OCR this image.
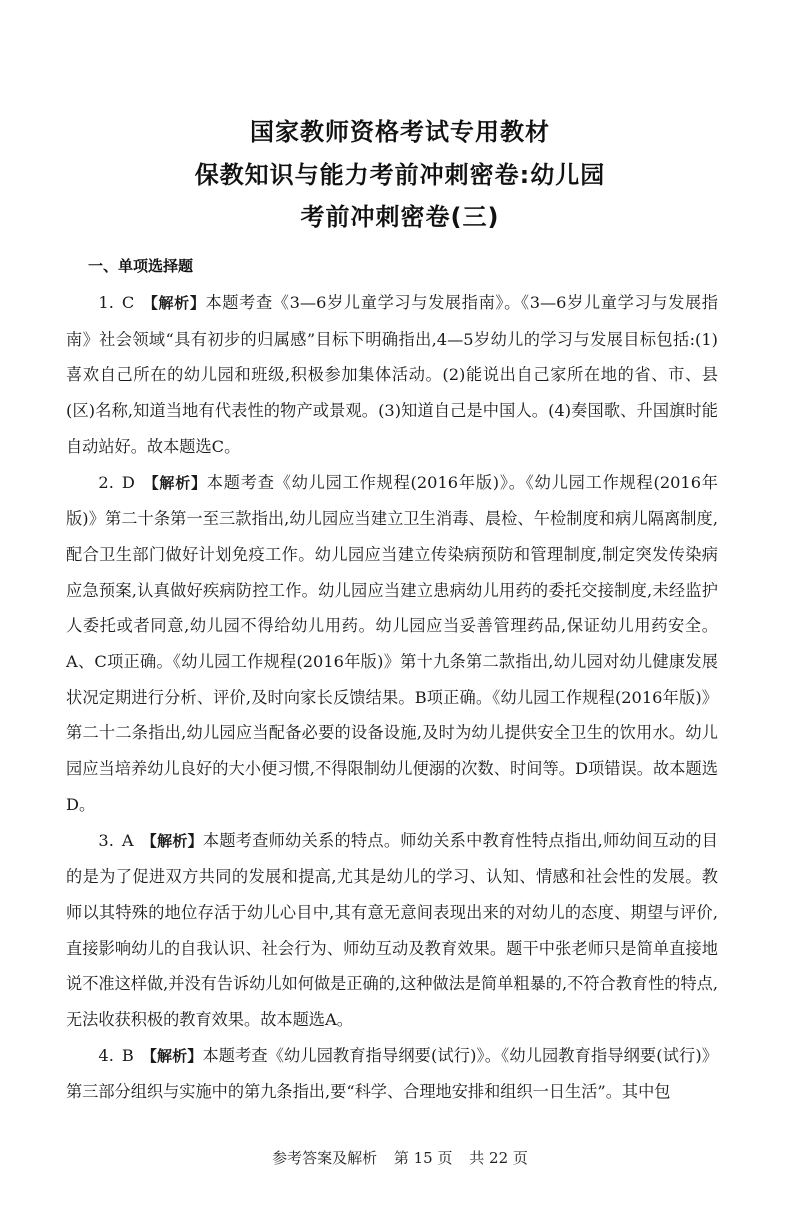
国家教师资格考试专用教材
保教知识与能力考前冲刺密卷:幼儿园
考前冲刺密卷(三)
一、单项选择题

1. C 【解析】本题考查《3—6岁儿童学习与发展指南》。《3—6岁儿童学习与发展指南》社会领域“具有初步的归属感”目标下明确指出,4—5岁幼儿的学习与发展目标包括:(1)喜欢自己所在的幼儿园和班级,积极参加集体活动。(2)能说出自己家所在地的省、市、县(区)名称,知道当地有代表性的物产或景观。(3)知道自己是中国人。(4)奏国歌、升国旗时能自动站好。故本题选C。

2. D 【解析】本题考查《幼儿园工作规程(2016年版)》。《幼儿园工作规程(2016年版)》第二十条第一至三款指出,幼儿园应当建立卫生消毒、晨检、午检制度和病儿隔离制度,配合卫生部门做好计划免疫工作。幼儿园应当建立传染病预防和管理制度,制定突发传染病应急预案,认真做好疾病防控工作。幼儿园应当建立患病幼儿用药的委托交接制度,未经监护人委托或者同意,幼儿园不得给幼儿用药。幼儿园应当妥善管理药品,保证幼儿用药安全。A、C项正确。《幼儿园工作规程(2016年版)》第十九条第二款指出,幼儿园对幼儿健康发展状况定期进行分析、评价,及时向家长反馈结果。B项正确。《幼儿园工作规程(2016年版)》第二十二条指出,幼儿园应当配备必要的设备设施,及时为幼儿提供安全卫生的饮用水。幼儿园应当培养幼儿良好的大小便习惯,不得限制幼儿便溺的次数、时间等。D项错误。故本题选D。

3. A 【解析】本题考查师幼关系的特点。师幼关系中教育性特点指出,师幼间互动的目的是为了促进双方共同的发展和提高,尤其是幼儿的学习、认知、情感和社会性的发展。教师以其特殊的地位存活于幼儿心目中,其有意无意间表现出来的对幼儿的态度、期望与评价,直接影响幼儿的自我认识、社会行为、师幼互动及教育效果。题干中张老师只是简单直接地说不准这样做,并没有告诉幼儿如何做是正确的,这种做法是简单粗暴的,不符合教育性的特点,无法收获积极的教育效果。故本题选A。

4. B 【解析】本题考查《幼儿园教育指导纲要(试行)》。《幼儿园教育指导纲要(试行)》第三部分组织与实施中的第九条指出,要“科学、合理地安排和组织一日生活”。其中包

参考答案及解析 第 15 页 共 22 页
